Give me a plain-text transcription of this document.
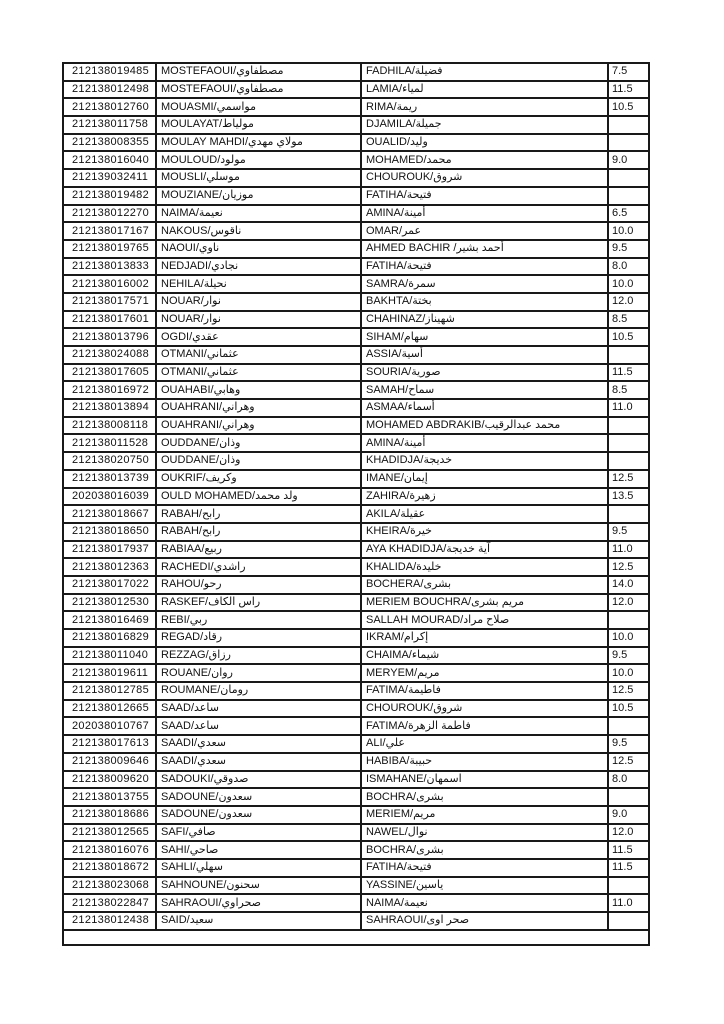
212138019485	MOSTEFAOUI/مصطفاوي	FADHILA/فضيلة	7.5
212138012498	MOSTEFAOUI/مصطفاوي	LAMIA/لمياء	11.5
212138012760	MOUASMI/مواسمي	RIMA/ريمة	10.5
212138011758	MOULAYAT/مولياط	DJAMILA/جميلة	
212138008355	MOULAY MAHDI/مولاي مهدي	OUALID/وليد	
212138016040	MOULOUD/مولود	MOHAMED/محمد	9.0
212139032411	MOUSLI/موسلي	CHOUROUK/شروق	
212138019482	MOUZIANE/موزيان	FATIHA/فتيحة	
212138012270	NAIMA/نعيمة	AMINA/أمينة	6.5
212138017167	NAKOUS/ناقوس	OMAR/عمر	10.0
212138019765	NAOUI/ناوي	AHMED BACHIR /أحمد بشير	9.5
212138013833	NEDJADI/نجادي	FATIHA/فتيحة	8.0
212138016002	NEHILA/نحيلة	SAMRA/سمرة	10.0
212138017571	NOUAR/نوار	BAKHTA/بختة	12.0
212138017601	NOUAR/نوار	CHAHINAZ/شهيناز	8.5
212138013796	OGDI/عقدي	SIHAM/سهام	10.5
212138024088	OTMANI/عثماني	ASSIA/أسية	
212138017605	OTMANI/عثماني	SOURIA/صورية	11.5
212138016972	OUAHABI/وهابي	SAMAH/سماح	8.5
212138013894	OUAHRANI/وهراني	ASMAA/أسماء	11.0
212138008118	OUAHRANI/وهراني	MOHAMED ABDRAKIB/محمد عبدالرقيب	
212138011528	OUDDANE/وذان	AMINA/أمينة	
212138020750	OUDDANE/وذان	KHADIDJA/خديجة	
212138013739	OUKRIF/وكريف	IMANE/إيمان	12.5
202038016039	OULD MOHAMED/ولد محمد	ZAHIRA/زهيرة	13.5
212138018667	RABAH/رابح	AKILA/عقيلة	
212138018650	RABAH/رابح	KHEIRA/خيرة	9.5
212138017937	RABIAA/ربيع	AYA KHADIDJA/آية خديجة	11.0
212138012363	RACHEDI/راشدي	KHALIDA/خليدة	12.5
212138017022	RAHOU/رحو	BOCHERA/بشرى	14.0
212138012530	RASKEF/راس الكاف	MERIEM BOUCHRA/مريم بشرى	12.0
212138016469	REBI/ربي	SALLAH MOURAD/صلاح مراد	
212138016829	REGAD/رقاد	IKRAM/إكرام	10.0
212138011040	REZZAG/رزاق	CHAIMA/شيماء	9.5
212138019611	ROUANE/روان	MERYEM/مريم	10.0
212138012785	ROUMANE/رومان	FATIMA/فاطيمة	12.5
212138012665	SAAD/ساعد	CHOUROUK/شروق	10.5
202038010767	SAAD/ساعد	FATIMA/فاطمة الزهرة	
212138017613	SAADI/سعدي	ALI/علي	9.5
212138009646	SAADI/سعدي	HABIBA/حبيبة	12.5
212138009620	SADOUKI/صدوقي	ISMAHANE/اسمهان	8.0
212138013755	SADOUNE/سعدون	BOCHRA/بشرى	
212138018686	SADOUNE/سعدون	MERIEM/مريم	9.0
212138012565	SAFI/صافي	NAWEL/نوال	12.0
212138016076	SAHI/صاحي	BOCHRA/بشرى	11.5
212138018672	SAHLI/سهلي	FATIHA/فتيحة	11.5
212138023068	SAHNOUNE/سحنون	YASSINE/ياسين	
212138022847	SAHRAOUI/صحراوي	NAIMA/نعيمة	11.0
212138012438	SAID/سعيد	SAHRAOUI/صحر اوى	
